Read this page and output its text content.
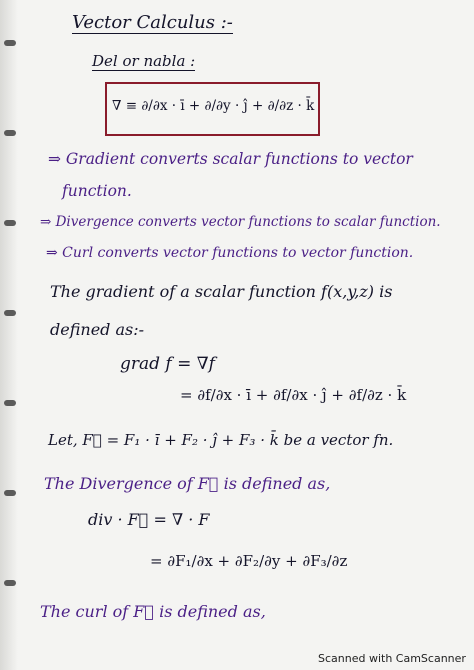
Vector Calculus :-
Del or nabla :
∇ ≡ ∂/∂x · ī + ∂/∂y · ĵ + ∂/∂z · k̄
⇒ Gradient converts scalar functions to vector
function.
⇒ Divergence converts vector functions to scalar function.
⇒ Curl converts vector functions to vector function.
The gradient of a scalar function f(x,y,z) is
defined as:-
grad f = ∇f
= ∂f/∂x · ī + ∂f/∂x · ĵ + ∂f/∂z · k̄
Let, F⃗ = F₁ · ī + F₂ · ĵ + F₃ · k̄ be a vector fn.
The Divergence of F⃗ is defined as,
div · F⃗ = ∇ · F
= ∂F₁/∂x + ∂F₂/∂y + ∂F₃/∂z
The curl of F⃗ is defined as,
Scanned with CamScanner
